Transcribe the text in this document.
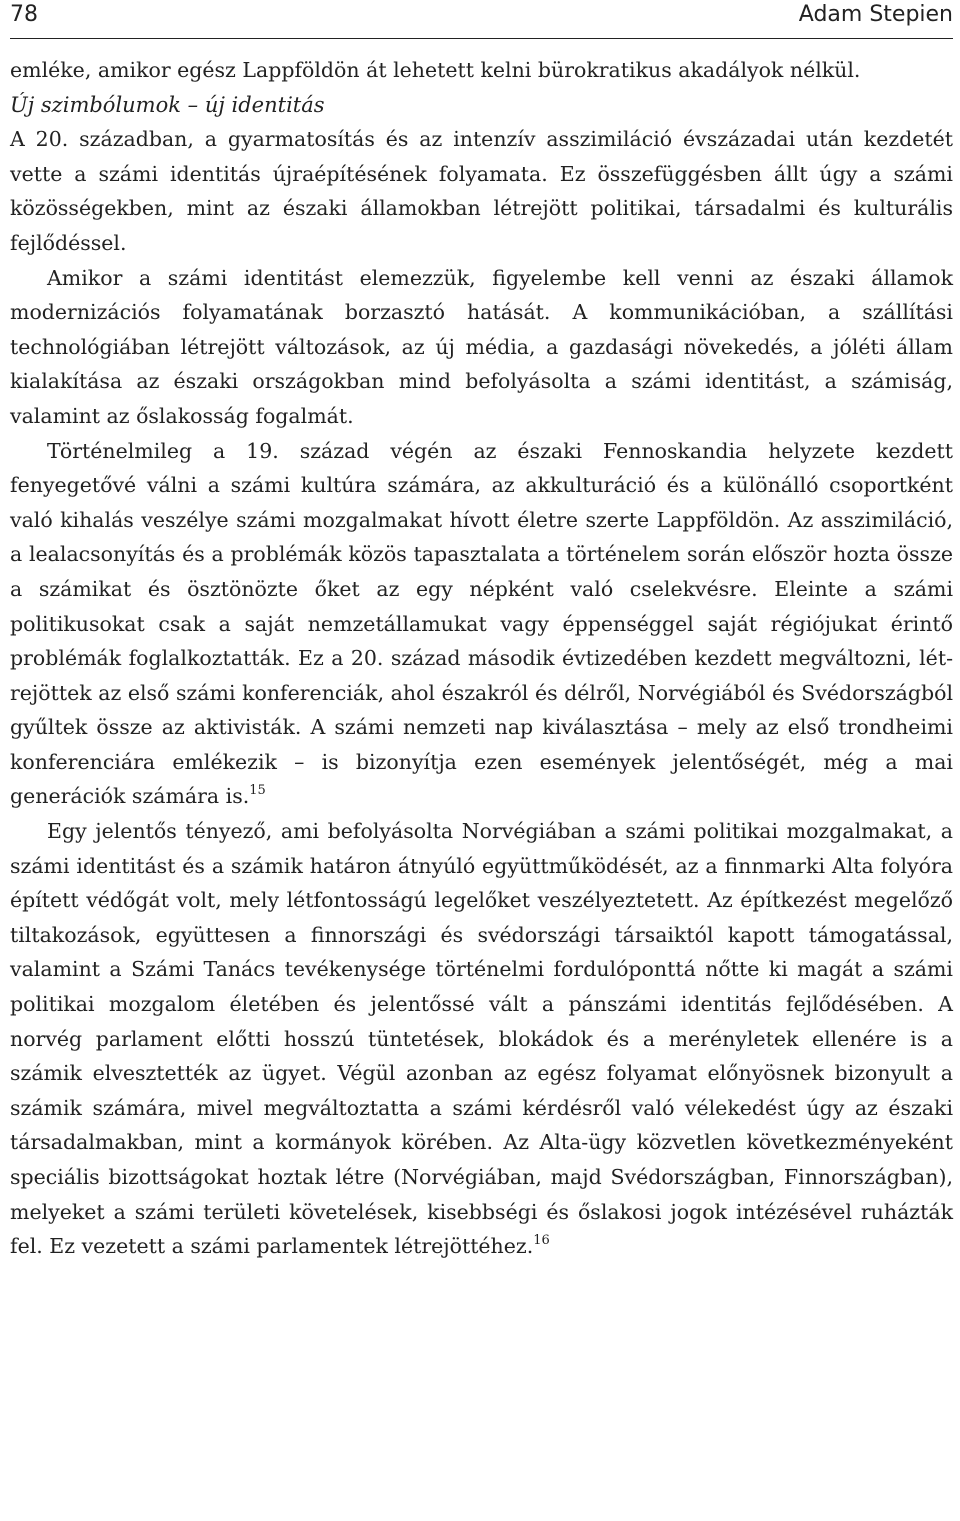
78	Adam Stepien

emléke, amikor egész Lappföldön át lehetett kelni bürokratikus akadályok nélkül.

Új szimbólumok – új identitás

A 20. században, a gyarmatosítás és az intenzív asszimiláció évszázadai után kezdetét vette a számi identitás újraépítésének folyamata. Ez összefüggésben állt úgy a számi közösségekben, mint az északi államokban létrejött politikai, társadalmi és kulturális fejlődéssel.

Amikor a számi identitást elemezzük, figyelembe kell venni az északi államok modernizációs folyamatának borzasztó hatását. A kommunikációban, a szállítási technológiában létrejött változások, az új média, a gazdasági növekedés, a jóléti állam kialakítása az északi országokban mind befolyásolta a számi identitást, a számiság, valamint az őslakosság fogalmát.

Történelmileg a 19. század végén az északi Fennoskandia helyzete kezdett fenyegetővé válni a számi kultúra számára, az akkulturáció és a különálló csoportként való kihalás veszélye számi mozgalmakat hívott életre szerte Lappföldön. Az asszimiláció, a lealacsonyítás és a problémák közös tapasztalata a történelem során először hozta össze a számikat és ösztönözte őket az egy népként való cselekvésre. Eleinte a számi politikusokat csak a saját nemzetállamukat vagy éppenséggel saját régiójukat érintő problémák foglalkoztatták. Ez a 20. század második évtizedében kezdett megváltozni, létrejöttek az első számi konferenciák, ahol északról és délről, Norvégiából és Svédországból gyűltek össze az aktivisták. A számi nemzeti nap kiválasztása – mely az első trondheimi konferenciára emlékezik – is bizonyítja ezen események jelentőségét, még a mai generációk számára is.$^{15}$

Egy jelentős tényező, ami befolyásolta Norvégiában a számi politikai mozgalmakat, a számi identitást és a számik határon átnyúló együttműködését, az a finnmarki Alta folyóra épített védőgát volt, mely létfontosságú legelőket veszélyeztetett. Az építkezést megelőző tiltakozások, együttesen a finnországi és svédországi társaiktól kapott támogatással, valamint a Számi Tanács tevékenysége történelmi fordulóponttá nőtte ki magát a számi politikai mozgalom életében és jelentőssé vált a pánszámi identitás fejlődésében. A norvég parlament előtti hosszú tüntetések, blokádok és a merényletek ellenére is a számik elvesztették az ügyet. Végül azonban az egész folyamat előnyösnek bizonyult a számik számára, mivel megváltoztatta a számi kérdésről való vélekedést úgy az északi társadalmakban, mint a kormányok körében. Az Alta-ügy közvetlen következményeként speciális bizottságokat hoztak létre (Norvégiában, majd Svédországban, Finnországban), melyeket a számi területi követelések, kisebbségi és őslakosi jogok intézésével ruházták fel. Ez vezetett a számi parlamentek létrejöttéhez.$^{16}$
